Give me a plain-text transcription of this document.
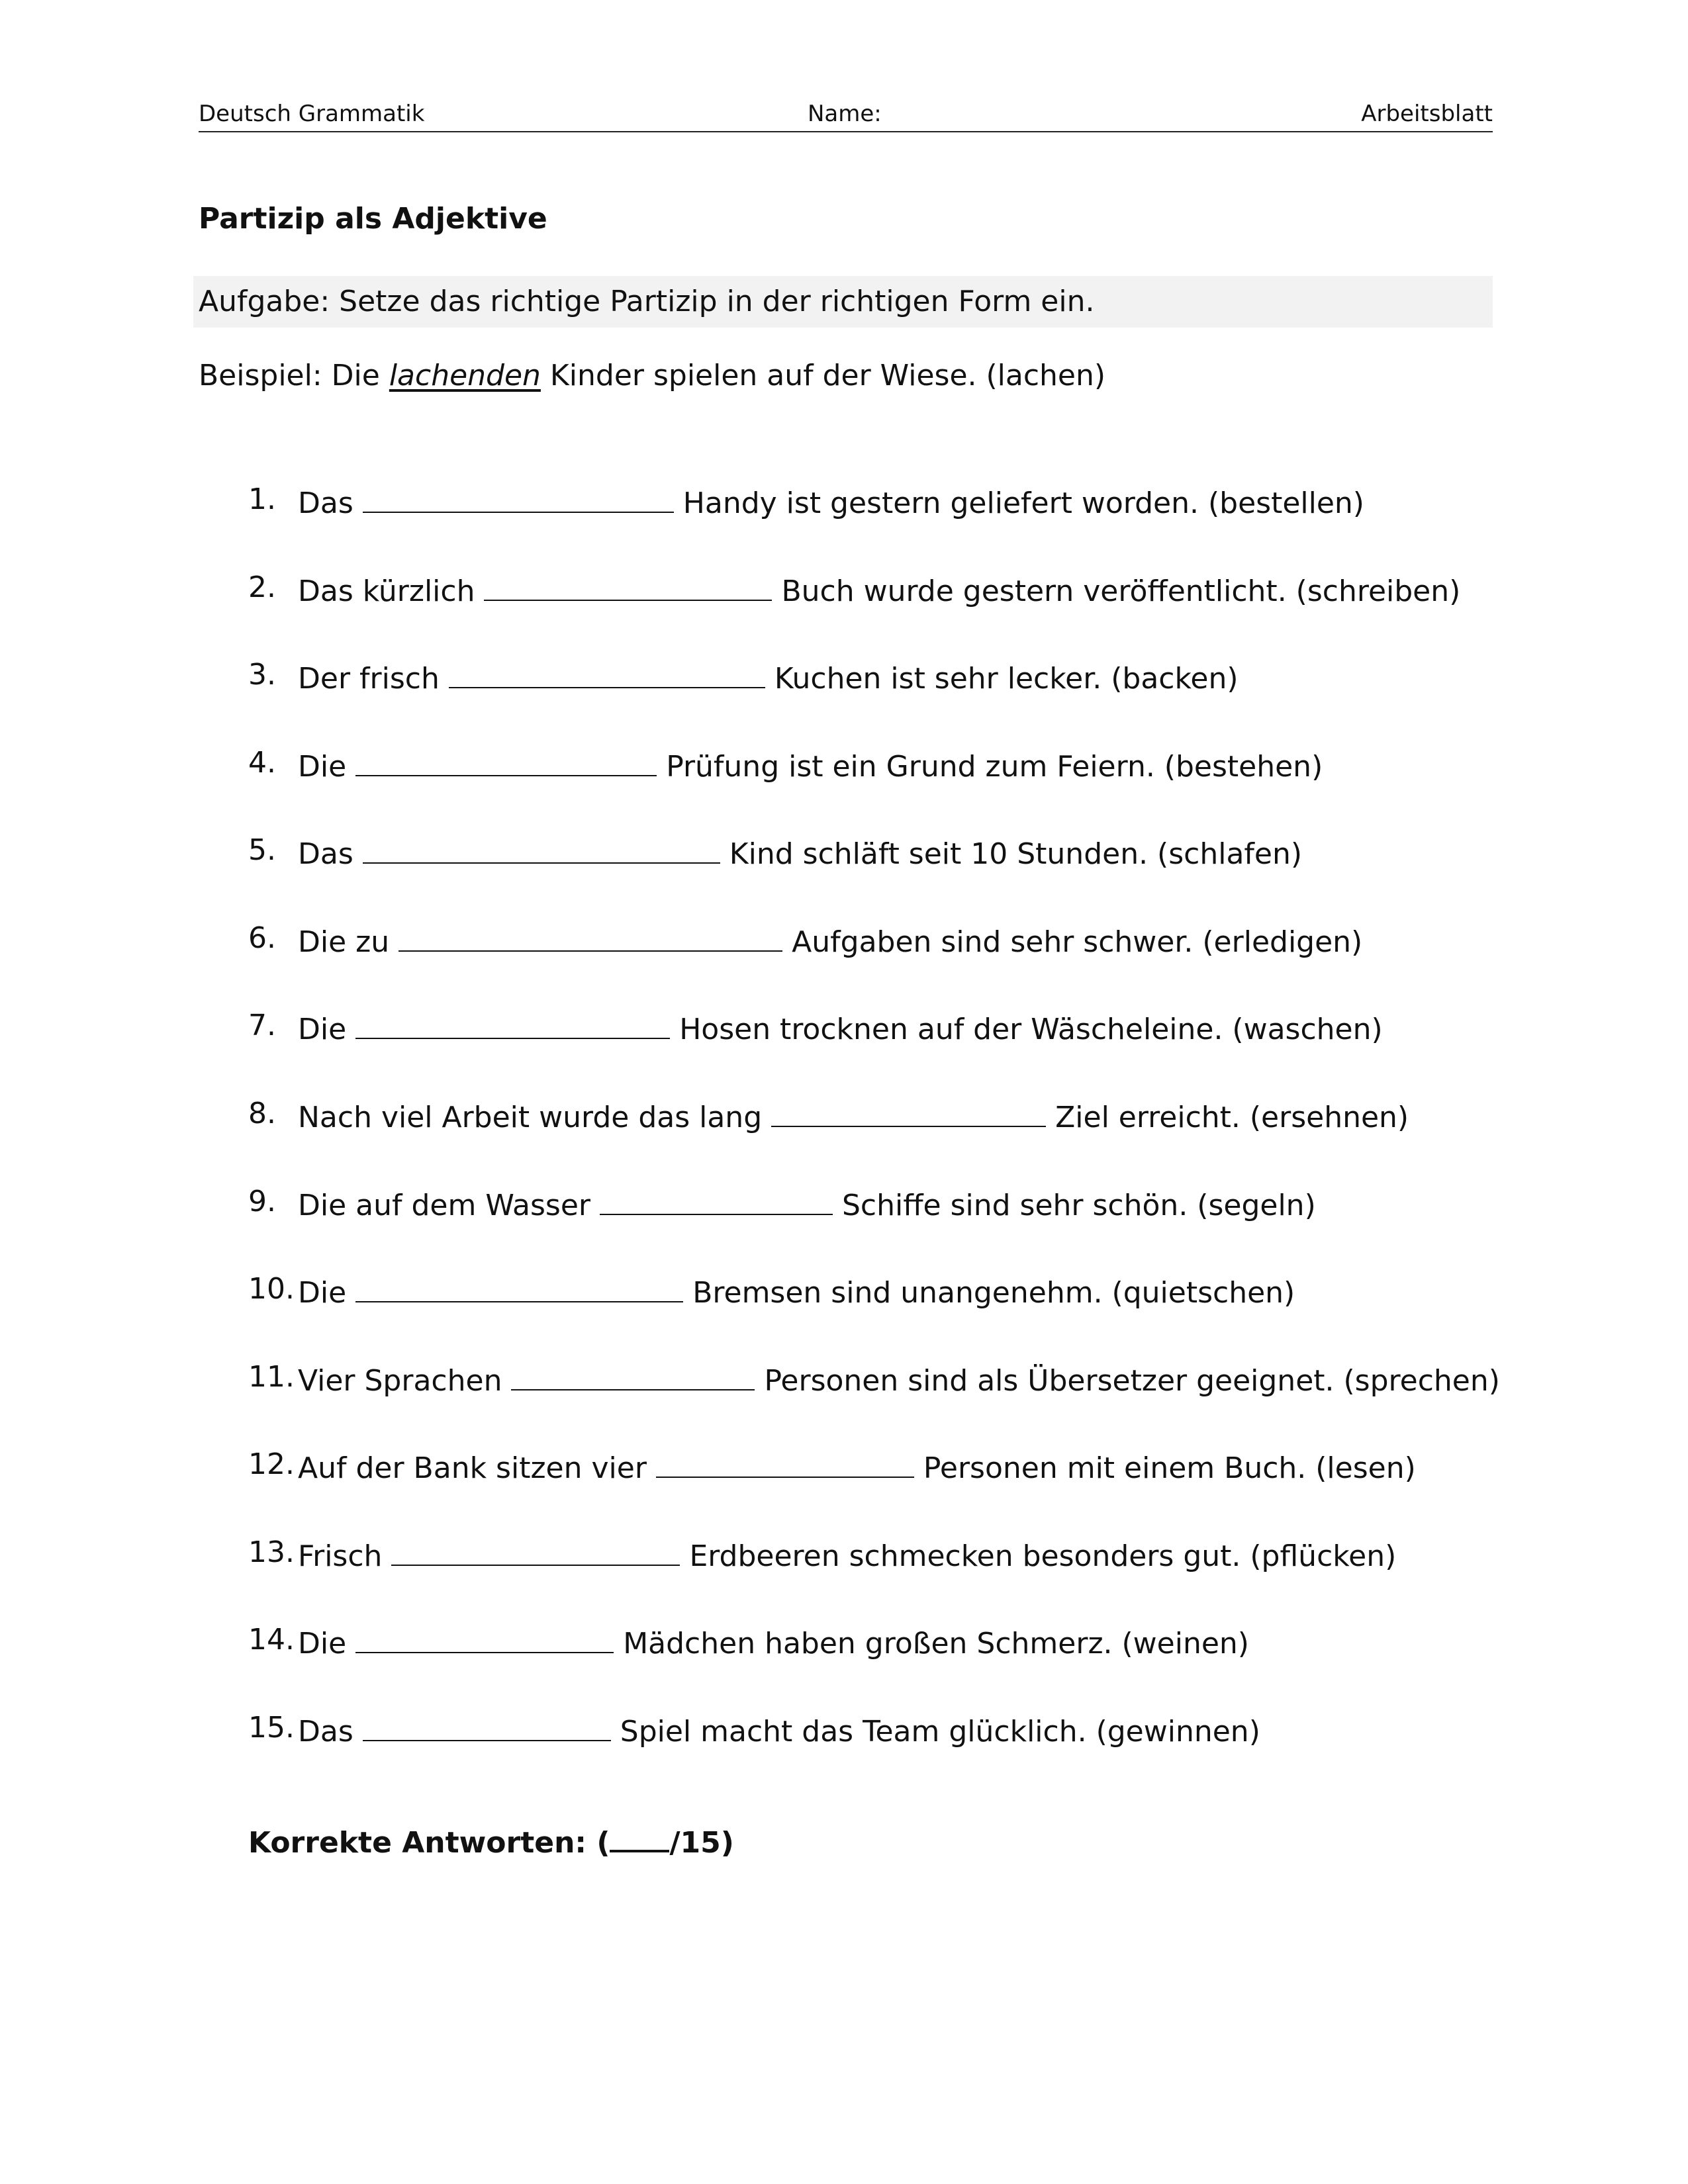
Deutsch Grammatik	Name:	Arbeitsblatt
Partizip als Adjektive
Aufgabe: Setze das richtige Partizip in der richtigen Form ein.
Beispiel: Die lachenden Kinder spielen auf der Wiese. (lachen)
1. Das	Handy ist gestern geliefert worden. (bestellen)
2. Das kürzlich	Buch wurde gestern veröffentlicht. (schreiben)
3. Der frisch	Kuchen ist sehr lecker. (backen)
4. Die	Prüfung ist ein Grund zum Feiern. (bestehen)
5. Das	Kind schläft seit 10 Stunden. (schlafen)
6. Die zu	Aufgaben sind sehr schwer. (erledigen)
7. Die	Hosen trocknen auf der Wäscheleine. (waschen)
8. Nach viel Arbeit wurde das lang	Ziel erreicht. (ersehnen)
9. Die auf dem Wasser	Schiffe sind sehr schön. (segeln)
10. Die	Bremsen sind unangenehm. (quietschen)
11. Vier Sprachen	Personen sind als Übersetzer geeignet. (sprechen)
12. Auf der Bank sitzen vier	Personen mit einem Buch. (lesen)
13. Frisch	Erdbeeren schmecken besonders gut. (pflücken)
14. Die	Mädchen haben großen Schmerz. (weinen)
15. Das	Spiel macht das Team glücklich. (gewinnen)
Korrekte Antworten: ( /15)
